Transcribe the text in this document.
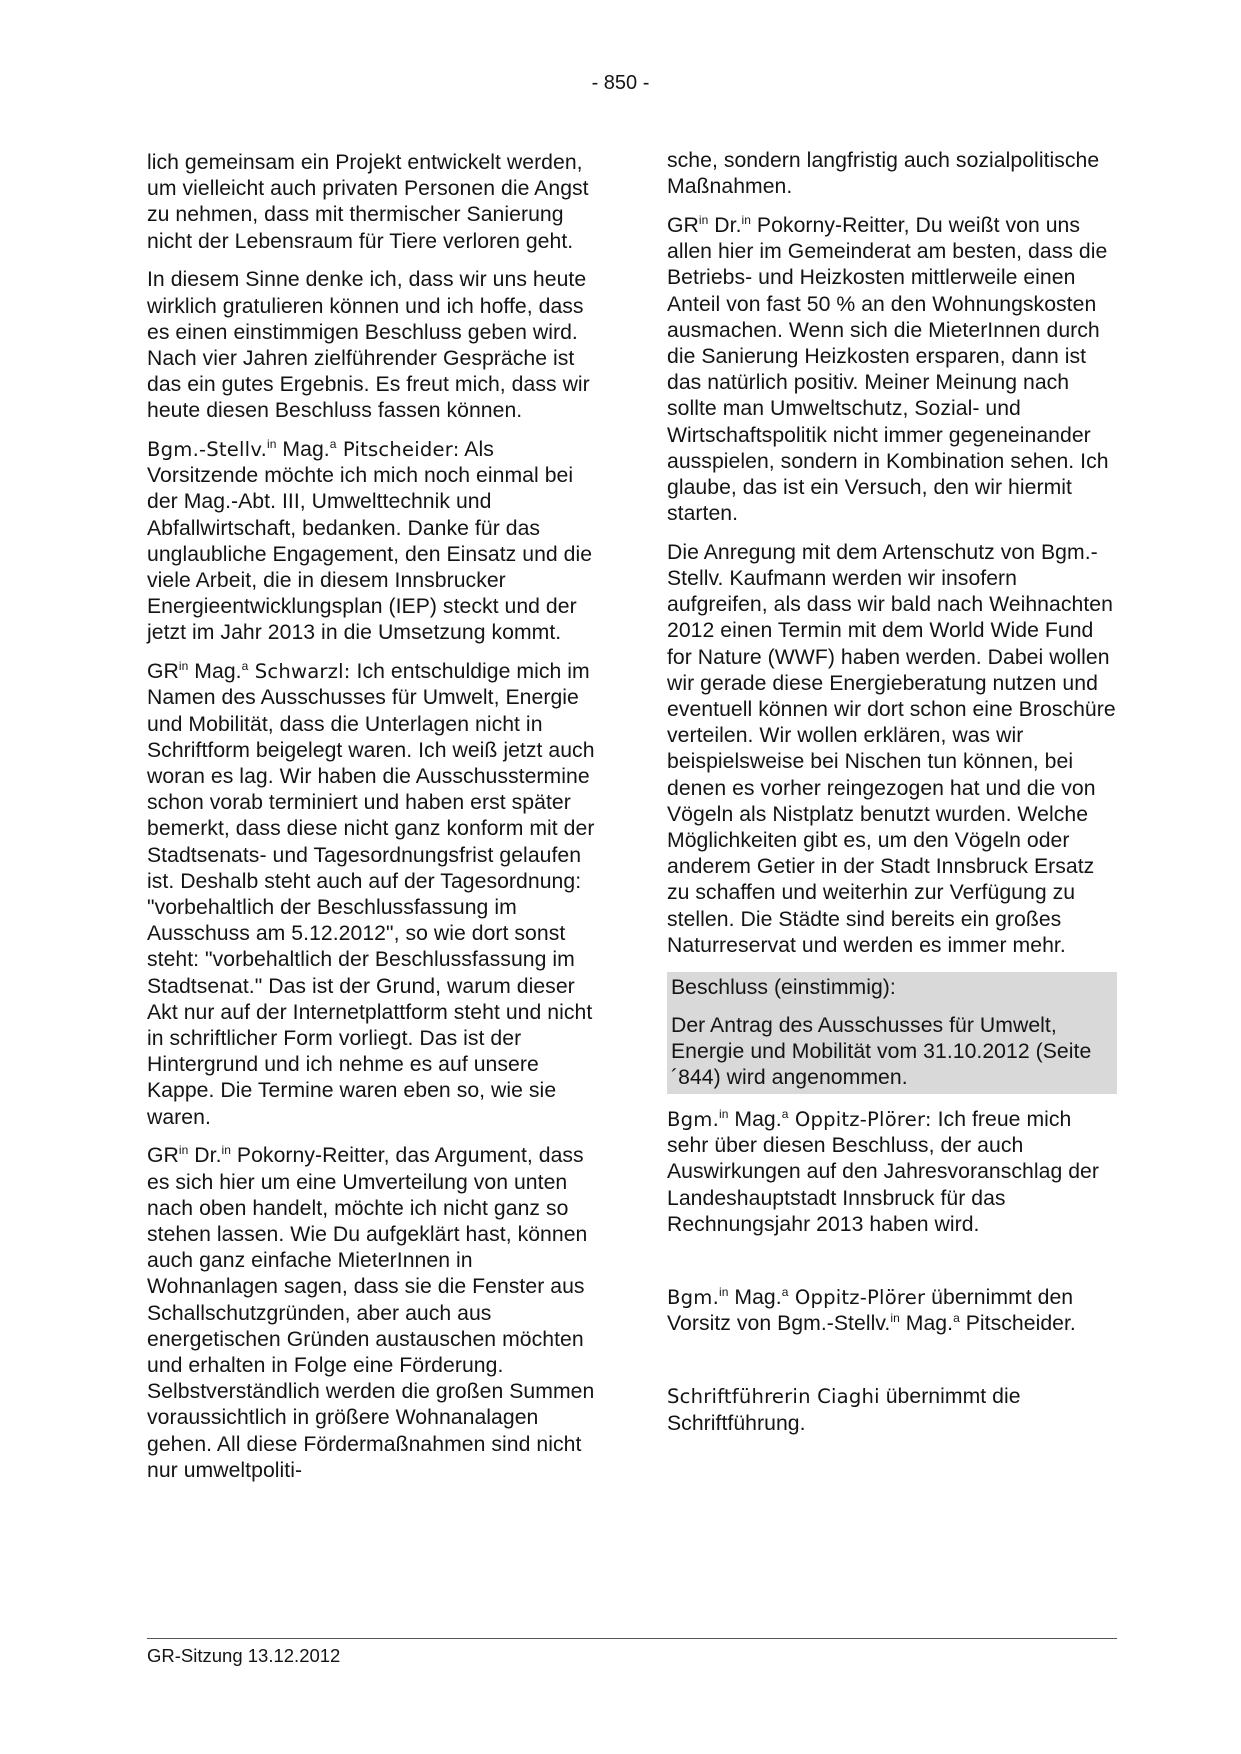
- 850 -

lich gemeinsam ein Projekt entwickelt werden, um vielleicht auch privaten Personen die Angst zu nehmen, dass mit thermischer Sanierung nicht der Lebensraum für Tiere verloren geht.

In diesem Sinne denke ich, dass wir uns heute wirklich gratulieren können und ich hoffe, dass es einen einstimmigen Beschluss geben wird. Nach vier Jahren zielführender Gespräche ist das ein gutes Ergebnis. Es freut mich, dass wir heute diesen Beschluss fassen können.

Bgm.-Stellv.$^{in}$ Mag.$^a$ Pitscheider: Als Vorsitzende möchte ich mich noch einmal bei der Mag.-Abt. III, Umwelttechnik und Abfallwirtschaft, bedanken. Danke für das unglaubliche Engagement, den Einsatz und die viele Arbeit, die in diesem Innsbrucker Energieentwicklungsplan (IEP) steckt und der jetzt im Jahr 2013 in die Umsetzung kommt.

$GR^{in}$ Mag.$^a$ Schwarzl: Ich entschuldige mich im Namen des Ausschusses für Umwelt, Energie und Mobilität, dass die Unterlagen nicht in Schriftform beigelegt waren. Ich weiß jetzt auch woran es lag. Wir haben die Ausschusstermine schon vorab terminiert und haben erst später bemerkt, dass diese nicht ganz konform mit der Stadtsenats- und Tagesordnungsfrist gelaufen ist. Deshalb steht auch auf der Tagesordnung: "vorbehaltlich der Beschlussfassung im Ausschuss am 5.12.2012", so wie dort sonst steht: "vorbehaltlich der Beschlussfassung im Stadtsenat." Das ist der Grund, warum dieser Akt nur auf der Internetplattform steht und nicht in schriftlicher Form vorliegt. Das ist der Hintergrund und ich nehme es auf unsere Kappe. Die Termine waren eben so, wie sie waren.

$GR^{in}$ Dr.$^{in}$ Pokorny-Reitter, das Argument, dass es sich hier um eine Umverteilung von unten nach oben handelt, möchte ich nicht ganz so stehen lassen. Wie Du aufgeklärt hast, können auch ganz einfache MieterInnen in Wohnanlagen sagen, dass sie die Fenster aus Schallschutzgründen, aber auch aus energetischen Gründen austauschen möchten und erhalten in Folge eine Förderung. Selbstverständlich werden die großen Summen voraussichtlich in größere Wohnanalagen gehen. All diese Fördermaßnahmen sind nicht nur umweltpoliti-

sche, sondern langfristig auch sozialpolitische Maßnahmen.

$GR^{in}$ Dr.$^{in}$ Pokorny-Reitter, Du weißt von uns allen hier im Gemeinderat am besten, dass die Betriebs- und Heizkosten mittlerweile einen Anteil von fast 50 % an den Wohnungskosten ausmachen. Wenn sich die MieterInnen durch die Sanierung Heizkosten ersparen, dann ist das natürlich positiv. Meiner Meinung nach sollte man Umweltschutz, Sozial- und Wirtschaftspolitik nicht immer gegeneinander ausspielen, sondern in Kombination sehen. Ich glaube, das ist ein Versuch, den wir hiermit starten.

Die Anregung mit dem Artenschutz von Bgm.-Stellv. Kaufmann werden wir insofern aufgreifen, als dass wir bald nach Weihnachten 2012 einen Termin mit dem World Wide Fund for Nature (WWF) haben werden. Dabei wollen wir gerade diese Energieberatung nutzen und eventuell können wir dort schon eine Broschüre verteilen. Wir wollen erklären, was wir beispielsweise bei Nischen tun können, bei denen es vorher reingezogen hat und die von Vögeln als Nistplatz benutzt wurden. Welche Möglichkeiten gibt es, um den Vögeln oder anderem Getier in der Stadt Innsbruck Ersatz zu schaffen und weiterhin zur Verfügung zu stellen. Die Städte sind bereits ein großes Naturreservat und werden es immer mehr.

Beschluss (einstimmig):

Der Antrag des Ausschusses für Umwelt, Energie und Mobilität vom 31.10.2012 (Seite ´844) wird angenommen.

Bgm.$^{in}$ Mag.$^a$ Oppitz-Plörer: Ich freue mich sehr über diesen Beschluss, der auch Auswirkungen auf den Jahresvoranschlag der Landeshauptstadt Innsbruck für das Rechnungsjahr 2013 haben wird.

Bgm.$^{in}$ Mag.$^a$ Oppitz-Plörer übernimmt den Vorsitz von Bgm.-Stellv.$^{in}$ Mag.$^a$ Pitscheider.

Schriftführerin Ciaghi übernimmt die Schriftführung.

GR-Sitzung 13.12.2012
